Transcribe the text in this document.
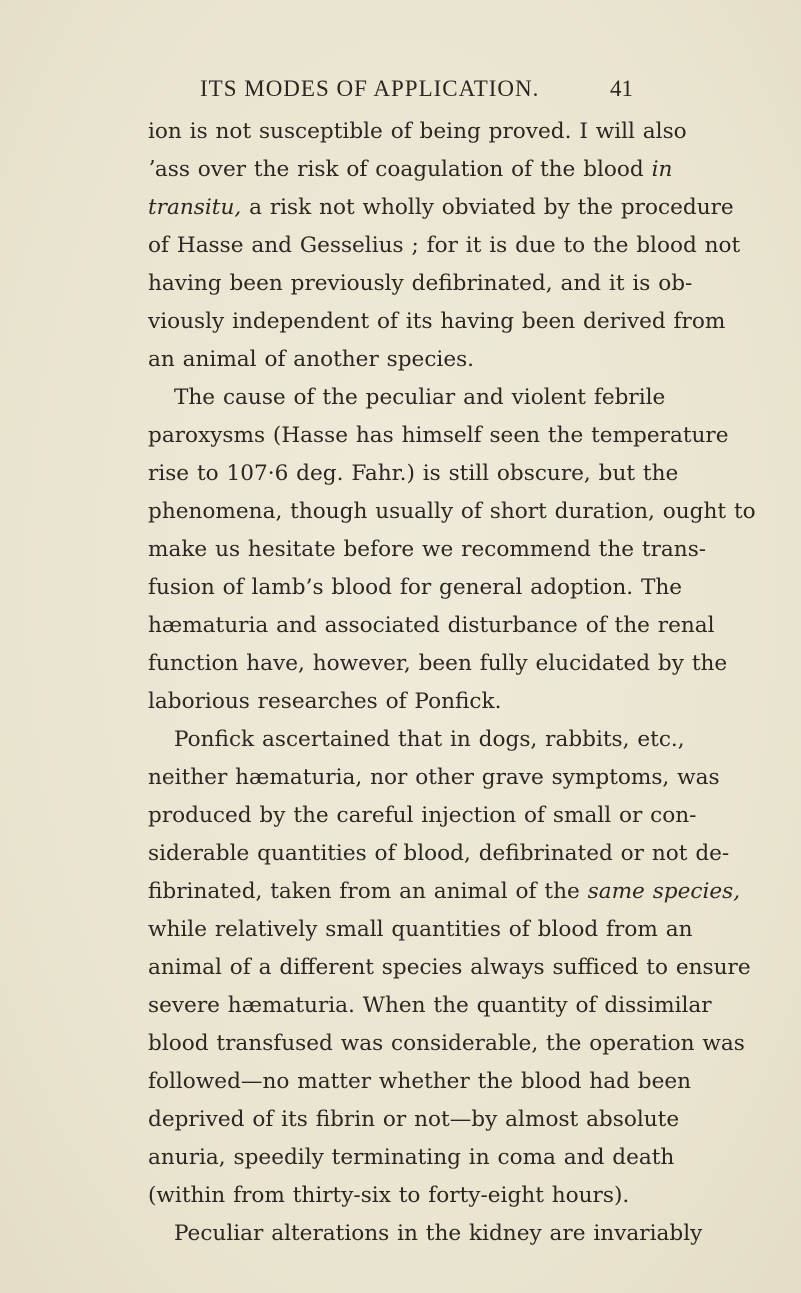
ITS MODES OF APPLICATION.	41
ion is not susceptible of being proved. I will also
ʼass over the risk of coagulation of the blood in
transitu, a risk not wholly obviated by the procedure
of Hasse and Gesselius ; for it is due to the blood not
having been previously defibrinated, and it is ob-
viously independent of its having been derived from
an animal of another species.
The cause of the peculiar and violent febrile
paroxysms (Hasse has himself seen the temperature
rise to 107·6 deg. Fahr.) is still obscure, but the
phenomena, though usually of short duration, ought to
make us hesitate before we recommend the trans-
fusion of lamb’s blood for general adoption. The
hæmaturia and associated disturbance of the renal
function have, however, been fully elucidated by the
laborious researches of Ponfick.
Ponfick ascertained that in dogs, rabbits, etc.,
neither hæmaturia, nor other grave symptoms, was
produced by the careful injection of small or con-
siderable quantities of blood, defibrinated or not de-
fibrinated, taken from an animal of the same species,
while relatively small quantities of blood from an
animal of a different species always sufficed to ensure
severe hæmaturia. When the quantity of dissimilar
blood transfused was considerable, the operation was
followed—no matter whether the blood had been
deprived of its fibrin or not—by almost absolute
anuria, speedily terminating in coma and death
(within from thirty-six to forty-eight hours).
Peculiar alterations in the kidney are invariably
